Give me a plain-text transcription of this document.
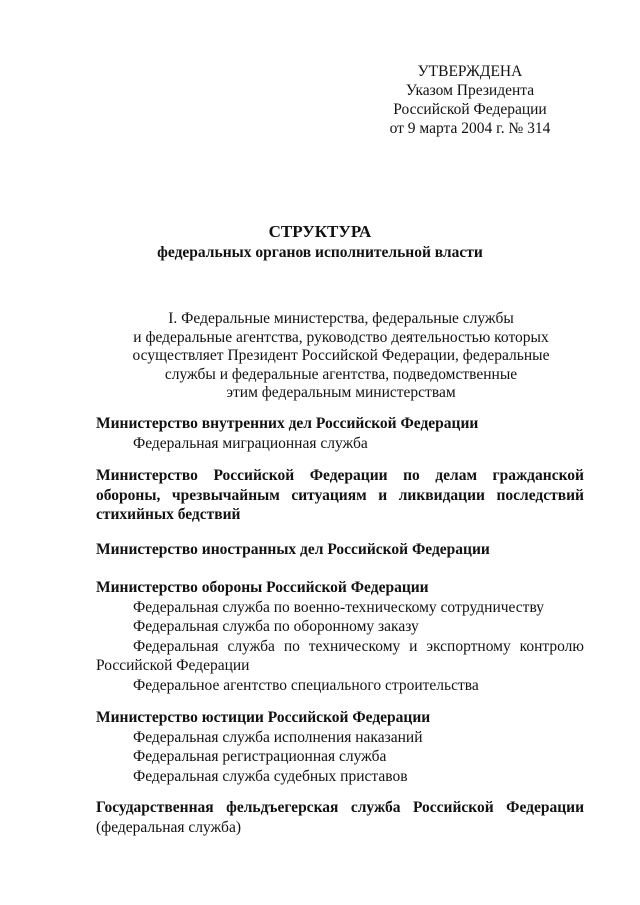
УТВЕРЖДЕНА
Указом Президента
Российской Федерации
от 9 марта 2004 г. № 314
СТРУКТУРА
федеральных органов исполнительной власти
I. Федеральные министерства, федеральные службы
и федеральные агентства, руководство деятельностью которых
осуществляет Президент Российской Федерации, федеральные
службы и федеральные агентства, подведомственные
этим федеральным министерствам
Министерство внутренних дел Российской Федерации
Федеральная миграционная служба
Министерство Российской Федерации по делам гражданской
обороны, чрезвычайным ситуациям и ликвидации последствий
стихийных бедствий
Министерство иностранных дел Российской Федерации
Министерство обороны Российской Федерации
Федеральная служба по военно-техническому сотрудничеству
Федеральная служба по оборонному заказу
Федеральная служба по техническому и экспортному контролю
Российской Федерации
Федеральное агентство специального строительства
Министерство юстиции Российской Федерации
Федеральная служба исполнения наказаний
Федеральная регистрационная служба
Федеральная служба судебных приставов
Государственная фельдъегерская служба Российской Федерации
(федеральная служба)
